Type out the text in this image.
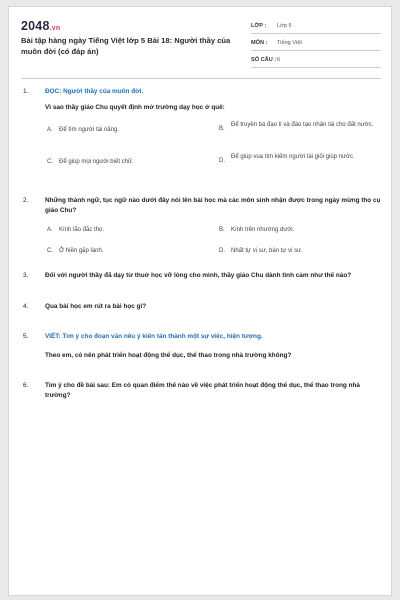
2048.vn
Bài tập hàng ngày Tiếng Việt lớp 5 Bài 18: Người thầy của muôn đời (có đáp án)
LỚP : Lớp 5
MÔN : Tiếng Việt
SỐ CÂU : 6
1.	ĐỌC: Người thầy của muôn đời.
Vì sao thầy giáo Chu quyết định mở trường dạy học ở quê:
A. Để tìm người tài năng.	B.
Để truyền bá đạo lí và đào tạo nhân tài cho đất nước.
C. Để giúp mọi người biết chữ.	D.
Để giúp vua tìm kiếm người tài giỏi giúp nước
2.	Những thành ngữ, tục ngữ nào dưới đây nói lên bài học mà các môn sinh nhận được trong ngày mừng thọ cụ giáo Chu?
A. Kính lão đắc thọ.	B. Kính trên nhường dưới.
C. Ở hiền gặp lành.	D. Nhất tự vi sư, bán tự vi sư.
3.	Đối với người thầy đã dạy từ thuở học vỡ lòng cho mình, thầy giáo Chu dành tình cảm như thế nào?
4.	Qua bài học em rút ra bài học gì?
5.	VIẾT: Tìm ý cho đoạn văn nêu ý kiến tán thành một sự việc, hiện tượng.
Theo em, có nên phát triển hoạt động thể dục, thể thao trong nhà trường không?
6.	Tìm ý cho đề bài sau: Em có quan điểm thế nào về việc phát triển hoạt động thể dục, thể thao trong nhà trường?
